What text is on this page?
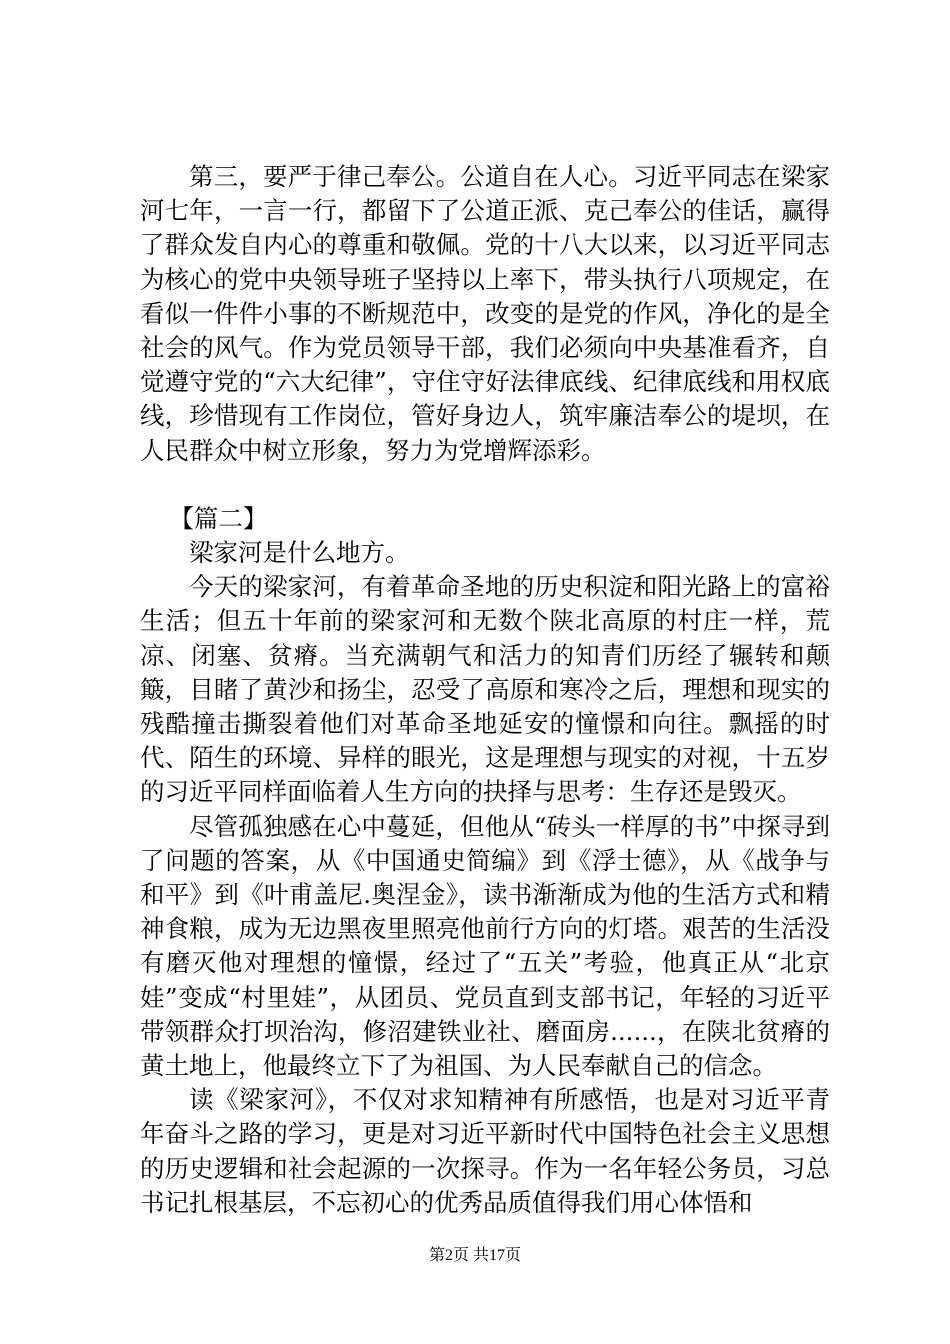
第三，要严于律己奉公。公道自在人心。习近平同志在梁家河七年，一言一行，都留下了公道正派、克己奉公的佳话，赢得了群众发自内心的尊重和敬佩。党的十八大以来，以习近平同志为核心的党中央领导班子坚持以上率下，带头执行八项规定，在看似一件件小事的不断规范中，改变的是党的作风，净化的是全社会的风气。作为党员领导干部，我们必须向中央基准看齐，自觉遵守党的“六大纪律”，守住守好法律底线、纪律底线和用权底线，珍惜现有工作岗位，管好身边人，筑牢廉洁奉公的堤坝，在人民群众中树立形象，努力为党增辉添彩。

【篇二】

梁家河是什么地方。

今天的梁家河，有着革命圣地的历史积淀和阳光路上的富裕生活；但五十年前的梁家河和无数个陕北高原的村庄一样，荒凉、闭塞、贫瘠。当充满朝气和活力的知青们历经了辗转和颠簸，目睹了黄沙和扬尘，忍受了高原和寒冷之后，理想和现实的残酷撞击撕裂着他们对革命圣地延安的憧憬和向往。飘摇的时代、陌生的环境、异样的眼光，这是理想与现实的对视，十五岁的习近平同样面临着人生方向的抉择与思考：生存还是毁灭。

尽管孤独感在心中蔓延，但他从“砖头一样厚的书”中探寻到了问题的答案，从《中国通史简编》到《浮士德》，从《战争与和平》到《叶甫盖尼.奥涅金》，读书渐渐成为他的生活方式和精神食粮，成为无边黑夜里照亮他前行方向的灯塔。艰苦的生活没有磨灭他对理想的憧憬，经过了“五关”考验，他真正从“北京娃”变成“村里娃”，从团员、党员直到支部书记，年轻的习近平带领群众打坝治沟，修沼建铁业社、磨面房......，在陕北贫瘠的黄土地上，他最终立下了为祖国、为人民奉献自己的信念。

读《梁家河》，不仅对求知精神有所感悟，也是对习近平青年奋斗之路的学习，更是对习近平新时代中国特色社会主义思想的历史逻辑和社会起源的一次探寻。作为一名年轻公务员，习总书记扎根基层，不忘初心的优秀品质值得我们用心体悟和

第2页 共17页
